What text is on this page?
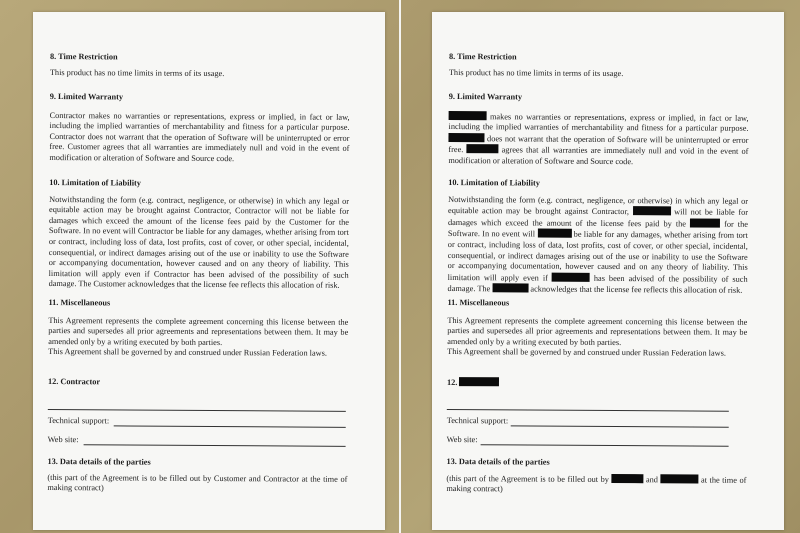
8. Time Restriction

This product has no time limits in terms of its usage.

9. Limited Warranty

Contractor makes no warranties or representations, express or implied, in fact or law, including the implied warranties of merchantability and fitness for a particular purpose. Contractor does not warrant that the operation of Software will be uninterrupted or error free. Customer agrees that all warranties are immediately null and void in the event of modification or alteration of Software and Source code.

10. Limitation of Liability

Notwithstanding the form (e.g. contract, negligence, or otherwise) in which any legal or equitable action may be brought against Contractor, Contractor will not be liable for damages which exceed the amount of the license fees paid by the Customer for the Software. In no event will Contractor be liable for any damages, whether arising from tort or contract, including loss of data, lost profits, cost of cover, or other special, incidental, consequential, or indirect damages arising out of the use or inability to use the Software or accompanying documentation, however caused and on any theory of liability. This limitation will apply even if Contractor has been advised of the possibility of such damage. The Customer acknowledges that the license fee reflects this allocation of risk.

11. Miscellaneous

This Agreement represents the complete agreement concerning this license between the parties and supersedes all prior agreements and representations between them. It may be amended only by a writing executed by both parties.

This Agreement shall be governed by and construed under Russian Federation laws.

12. Contractor

Technical support:

Web site:

13. Data details of the parties

(this part of the Agreement is to be filled out by Customer and Contractor at the time of making contract)

8. Time Restriction

This product has no time limits in terms of its usage.

9. Limited Warranty

makes no warranties or representations, express or implied, in fact or law, including the implied warranties of merchantability and fitness for a particular purpose.  does not warrant that the operation of Software will be uninterrupted or error free.	agrees that all warranties are immediately null and void in the event of modification or alteration of Software and Source code.

10. Limitation of Liability

Notwithstanding the form (e.g. contract, negligence, or otherwise) in which any legal or equitable action may be brought against Contractor,	will not be liable for damages which exceed the amount of the license fees paid by the	for the Software. In no event will	be liable for any damages, whether arising from tort or contract, including loss of data, lost profits, cost of cover, or other special, incidental, consequential, or indirect damages arising out of the use or inability to use the Software or accompanying documentation, however caused and on any theory of liability. This limitation will apply even if	has been advised of the possibility of such damage. The	acknowledges that the license fee reflects this allocation of risk.

11. Miscellaneous

This Agreement represents the complete agreement concerning this license between the parties and supersedes all prior agreements and representations between them. It may be amended only by a writing executed by both parties.

This Agreement shall be governed by and construed under Russian Federation laws.

12.

Technical support:

Web site:

13. Data details of the parties

(this part of the Agreement is to be filled out by	and	at the time of making contract)
